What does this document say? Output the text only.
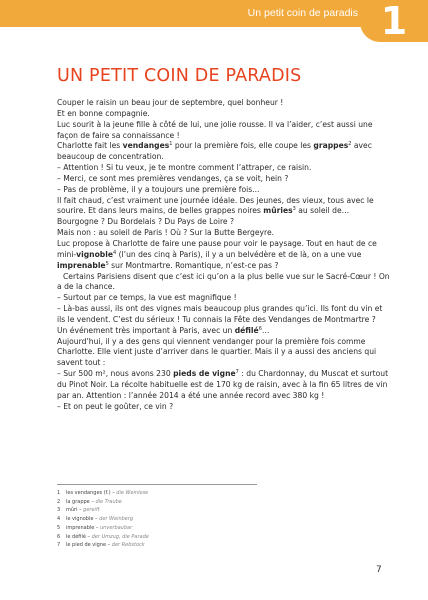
Un petit coin de paradis 1
UN PETIT COIN DE PARADIS

Couper le raisin un beau jour de septembre, quel bonheur !

Et en bonne compagnie.

Luc sourit à la jeune fille à côté de lui, une jolie rousse. Il va l’aider, c’est aussi une façon de faire sa connaissance !

Charlotte fait les vendanges$^1$ pour la première fois, elle coupe les grappes$^2$ avec beaucoup de concentration.

– Attention ! Si tu veux, je te montre comment l’attraper, ce raisin.

– Merci, ce sont mes premières vendanges, ça se voit, hein ?

– Pas de problème, il y a toujours une première fois...

Il fait chaud, c’est vraiment une journée idéale. Des jeunes, des vieux, tous avec le sourire. Et dans leurs mains, de belles grappes noires mûries$^3$ au soleil de… Bourgogne ? Du Bordelais ? Du Pays de Loire ?

Mais non : au soleil de Paris ! Où ? Sur la Butte Bergeyre.

Luc propose à Charlotte de faire une pause pour voir le paysage. Tout en haut de ce mini-vignoble$^4$ (l’un des cinq à Paris), il y a un belvédère et de là, on a une vue imprenable$^5$ sur Montmartre. Romantique, n’est-ce pas ?

Certains Parisiens disent que c’est ici qu’on a la plus belle vue sur le Sacré-Cœur ! On a de la chance.

– Surtout par ce temps, la vue est magnifique !

– Là-bas aussi, ils ont des vignes mais beaucoup plus grandes qu’ici. Ils font du vin et ils le vendent. C’est du sérieux ! Tu connais la Fête des Vendanges de Montmartre ?

Un événement très important à Paris, avec un défilé$^6$…

Aujourd’hui, il y a des gens qui viennent vendanger pour la première fois comme Charlotte. Elle vient juste d’arriver dans le quartier. Mais il y a aussi des anciens qui savent tout :

– Sur 500 m², nous avons 230 pieds de vigne$^7$ : du Chardonnay, du Muscat et surtout du Pinot Noir. La récolte habituelle est de 170 kg de raisin, avec à la fin 65 litres de vin par an. Attention : l’année 2014 a été une année record avec 380 kg !

– Et on peut le goûter, ce vin ?

1 les vendanges (f.) – die Weinlese
2 la grappe – die Traube
3 mûri – gereift
4 le vignoble – der Weinberg
5 imprenable – unverbaubar
6 le défilé – der Umzug, die Parade
7 le pied de vigne – der Rebstock
7
